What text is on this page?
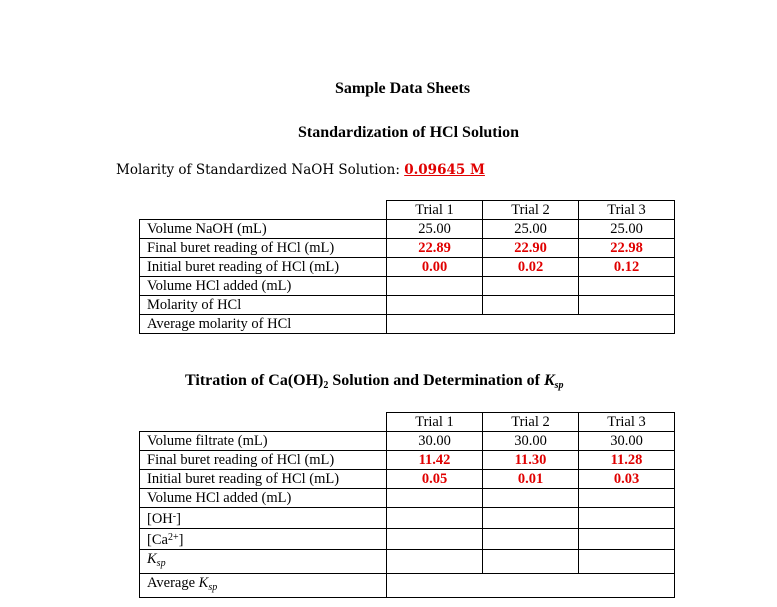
Sample Data Sheets
Standardization of HCl Solution
Molarity of Standardized NaOH Solution: 0.09645 M
	Trial 1	Trial 2	Trial 3
Volume NaOH (mL)	25.00	25.00	25.00
Final buret reading of HCl (mL)	22.89	22.90	22.98
Initial buret reading of HCl (mL)	0.00	0.02	0.12
Volume HCl added (mL)			
Molarity of HCl			
Average molarity of HCl			
Titration of $Ca(OH)_2$ Solution and Determination of $K_{sp}$
	Trial 1	Trial 2	Trial 3
Volume filtrate (mL)	30.00	30.00	30.00
Final buret reading of HCl (mL)	11.42	11.30	11.28
Initial buret reading of HCl (mL)	0.05	0.01	0.03
Volume HCl added (mL)			
[OH-]			
$[Ca^{2+}]$			
$K_{sp}$			
Average $K_{sp}$	
